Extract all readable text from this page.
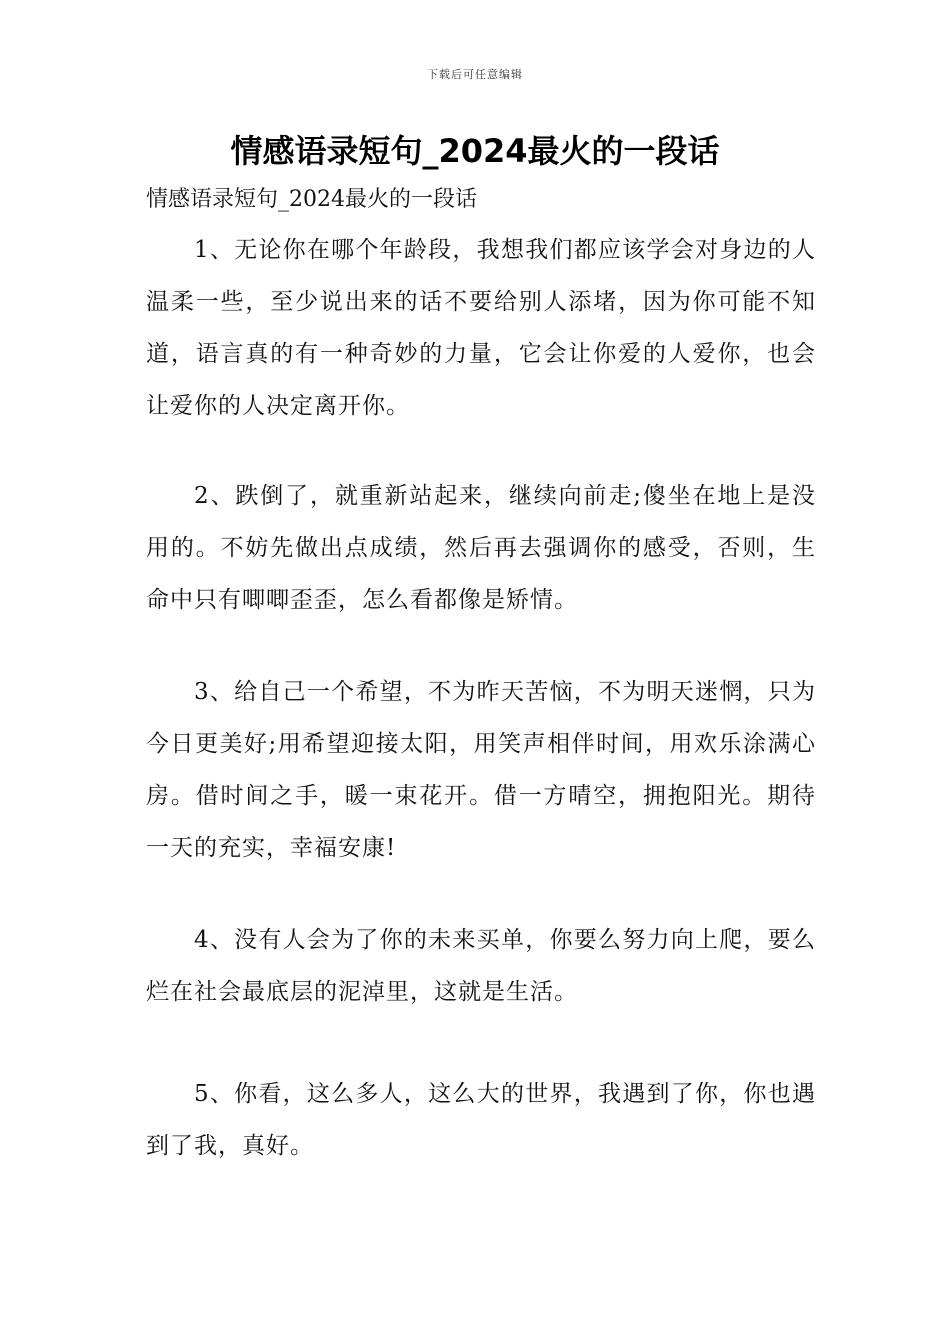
下载后可任意编辑
情感语录短句_2024最火的一段话

情感语录短句_2024最火的一段话

1、无论你在哪个年龄段，我想我们都应该学会对身边的人温柔一些，至少说出来的话不要给别人添堵，因为你可能不知道，语言真的有一种奇妙的力量，它会让你爱的人爱你，也会让爱你的人决定离开你。

2、跌倒了，就重新站起来，继续向前走;傻坐在地上是没用的。不妨先做出点成绩，然后再去强调你的感受，否则，生命中只有唧唧歪歪，怎么看都像是矫情。

3、给自己一个希望，不为昨天苦恼，不为明天迷惘，只为今日更美好;用希望迎接太阳，用笑声相伴时间，用欢乐涂满心房。借时间之手，暖一束花开。借一方晴空，拥抱阳光。期待一天的充实，幸福安康!

4、没有人会为了你的未来买单，你要么努力向上爬，要么烂在社会最底层的泥淖里，这就是生活。

5、你看，这么多人，这么大的世界，我遇到了你，你也遇到了我，真好。
